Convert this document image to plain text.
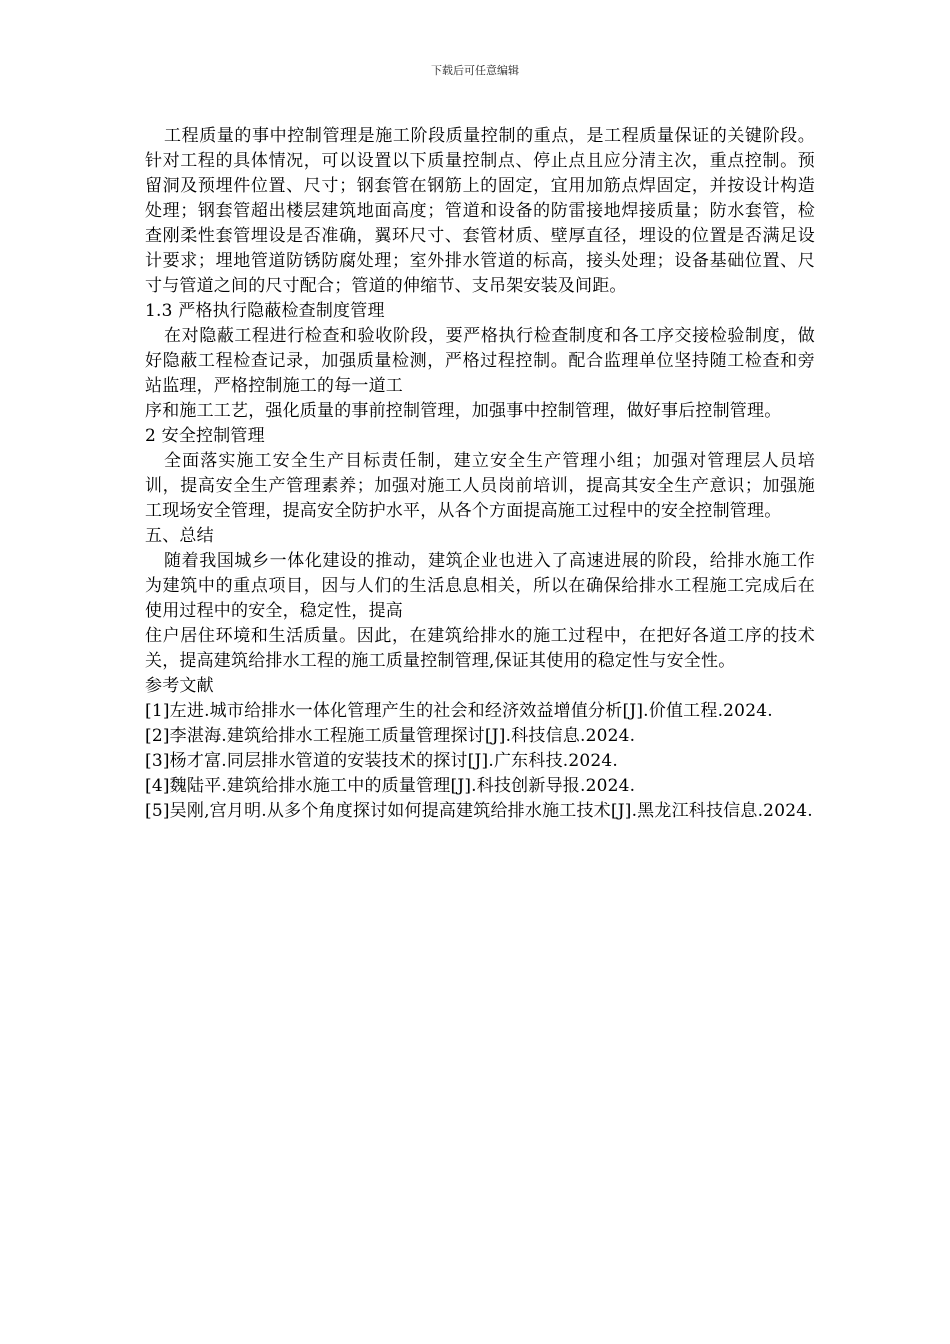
下载后可任意编辑

工程质量的事中控制管理是施工阶段质量控制的重点，是工程质量保证的关键阶段。针对工程的具体情况，可以设置以下质量控制点、停止点且应分清主次，重点控制。预留洞及预埋件位置、尺寸；钢套管在钢筋上的固定，宜用加筋点焊固定，并按设计构造处理；钢套管超出楼层建筑地面高度；管道和设备的防雷接地焊接质量；防水套管，检查刚柔性套管埋设是否准确，翼环尺寸、套管材质、壁厚直径，埋设的位置是否满足设计要求；埋地管道防锈防腐处理；室外排水管道的标高，接头处理；设备基础位置、尺寸与管道之间的尺寸配合；管道的伸缩节、支吊架安装及间距。

1.3 严格执行隐蔽检查制度管理

在对隐蔽工程进行检查和验收阶段，要严格执行检查制度和各工序交接检验制度，做好隐蔽工程检查记录，加强质量检测，严格过程控制。配合监理单位坚持随工检查和旁站监理，严格控制施工的每一道工

序和施工工艺，强化质量的事前控制管理，加强事中控制管理，做好事后控制管理。

2 安全控制管理

全面落实施工安全生产目标责任制，建立安全生产管理小组；加强对管理层人员培训，提高安全生产管理素养；加强对施工人员岗前培训，提高其安全生产意识；加强施工现场安全管理，提高安全防护水平，从各个方面提高施工过程中的安全控制管理。

五、总结

随着我国城乡一体化建设的推动，建筑企业也进入了高速进展的阶段，给排水施工作为建筑中的重点项目，因与人们的生活息息相关，所以在确保给排水工程施工完成后在使用过程中的安全，稳定性，提高

住户居住环境和生活质量。因此，在建筑给排水的施工过程中，在把好各道工序的技术关，提高建筑给排水工程的施工质量控制管理,保证其使用的稳定性与安全性。

参考文献

[1]左进.城市给排水一体化管理产生的社会和经济效益增值分析[J].价值工程.2024.

[2]李湛海.建筑给排水工程施工质量管理探讨[J].科技信息.2024.

[3]杨才富.同层排水管道的安装技术的探讨[J].广东科技.2024.

[4]魏陆平.建筑给排水施工中的质量管理[J].科技创新导报.2024.

[5]吴刚,宫月明.从多个角度探讨如何提高建筑给排水施工技术[J].黑龙江科技信息.2024.
